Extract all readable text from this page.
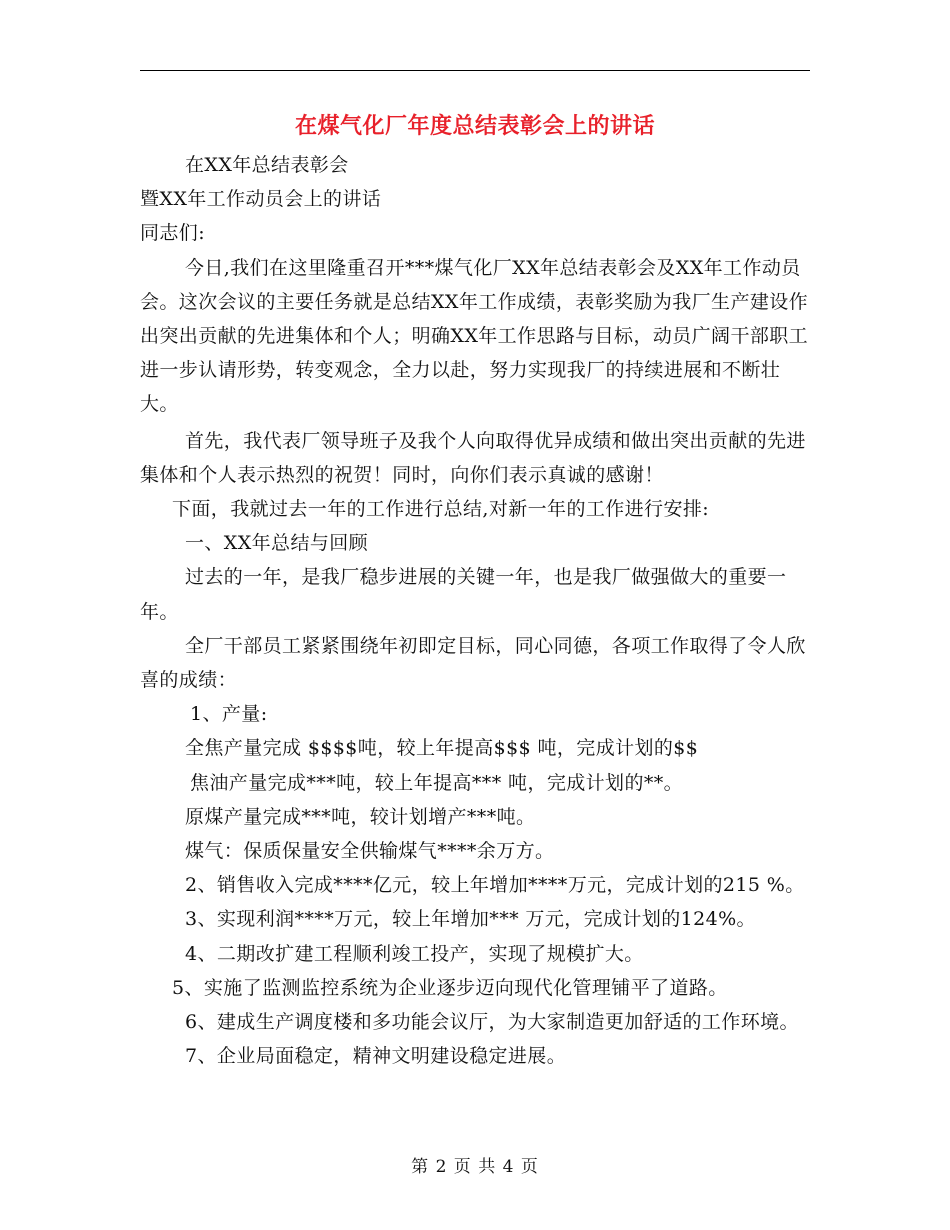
在煤气化厂年度总结表彰会上的讲话

在XX年总结表彰会

暨XX年工作动员会上的讲话

同志们:

今日,我们在这里隆重召开***煤气化厂XX年总结表彰会及XX年工作动员会。这次会议的主要任务就是总结XX年工作成绩，表彰奖励为我厂生产建设作出突出贡献的先进集体和个人；明确XX年工作思路与目标，动员广阔干部职工进一步认请形势，转变观念，全力以赴，努力实现我厂的持续进展和不断壮大。

首先，我代表厂领导班子及我个人向取得优异成绩和做出突出贡献的先进集体和个人表示热烈的祝贺！同时，向你们表示真诚的感谢！

下面，我就过去一年的工作进行总结,对新一年的工作进行安排:

一、XX年总结与回顾

过去的一年，是我厂稳步进展的关键一年，也是我厂做强做大的重要一年。

全厂干部员工紧紧围绕年初即定目标，同心同德，各项工作取得了令人欣喜的成绩：

1、产量:

全焦产量完成 $$$$吨，较上年提高$$$ 吨，完成计划的$$

焦油产量完成***吨，较上年提高*** 吨，完成计划的**。

原煤产量完成***吨，较计划增产***吨。

煤气：保质保量安全供输煤气****余万方。

2、销售收入完成****亿元，较上年增加****万元，完成计划的215 %。

3、实现利润****万元，较上年增加*** 万元，完成计划的124%。

4、二期改扩建工程顺利竣工投产，实现了规模扩大。

5、实施了监测监控系统为企业逐步迈向现代化管理铺平了道路。

6、建成生产调度楼和多功能会议厅，为大家制造更加舒适的工作环境。

7、企业局面稳定，精神文明建设稳定进展。

第 2 页 共 4 页
